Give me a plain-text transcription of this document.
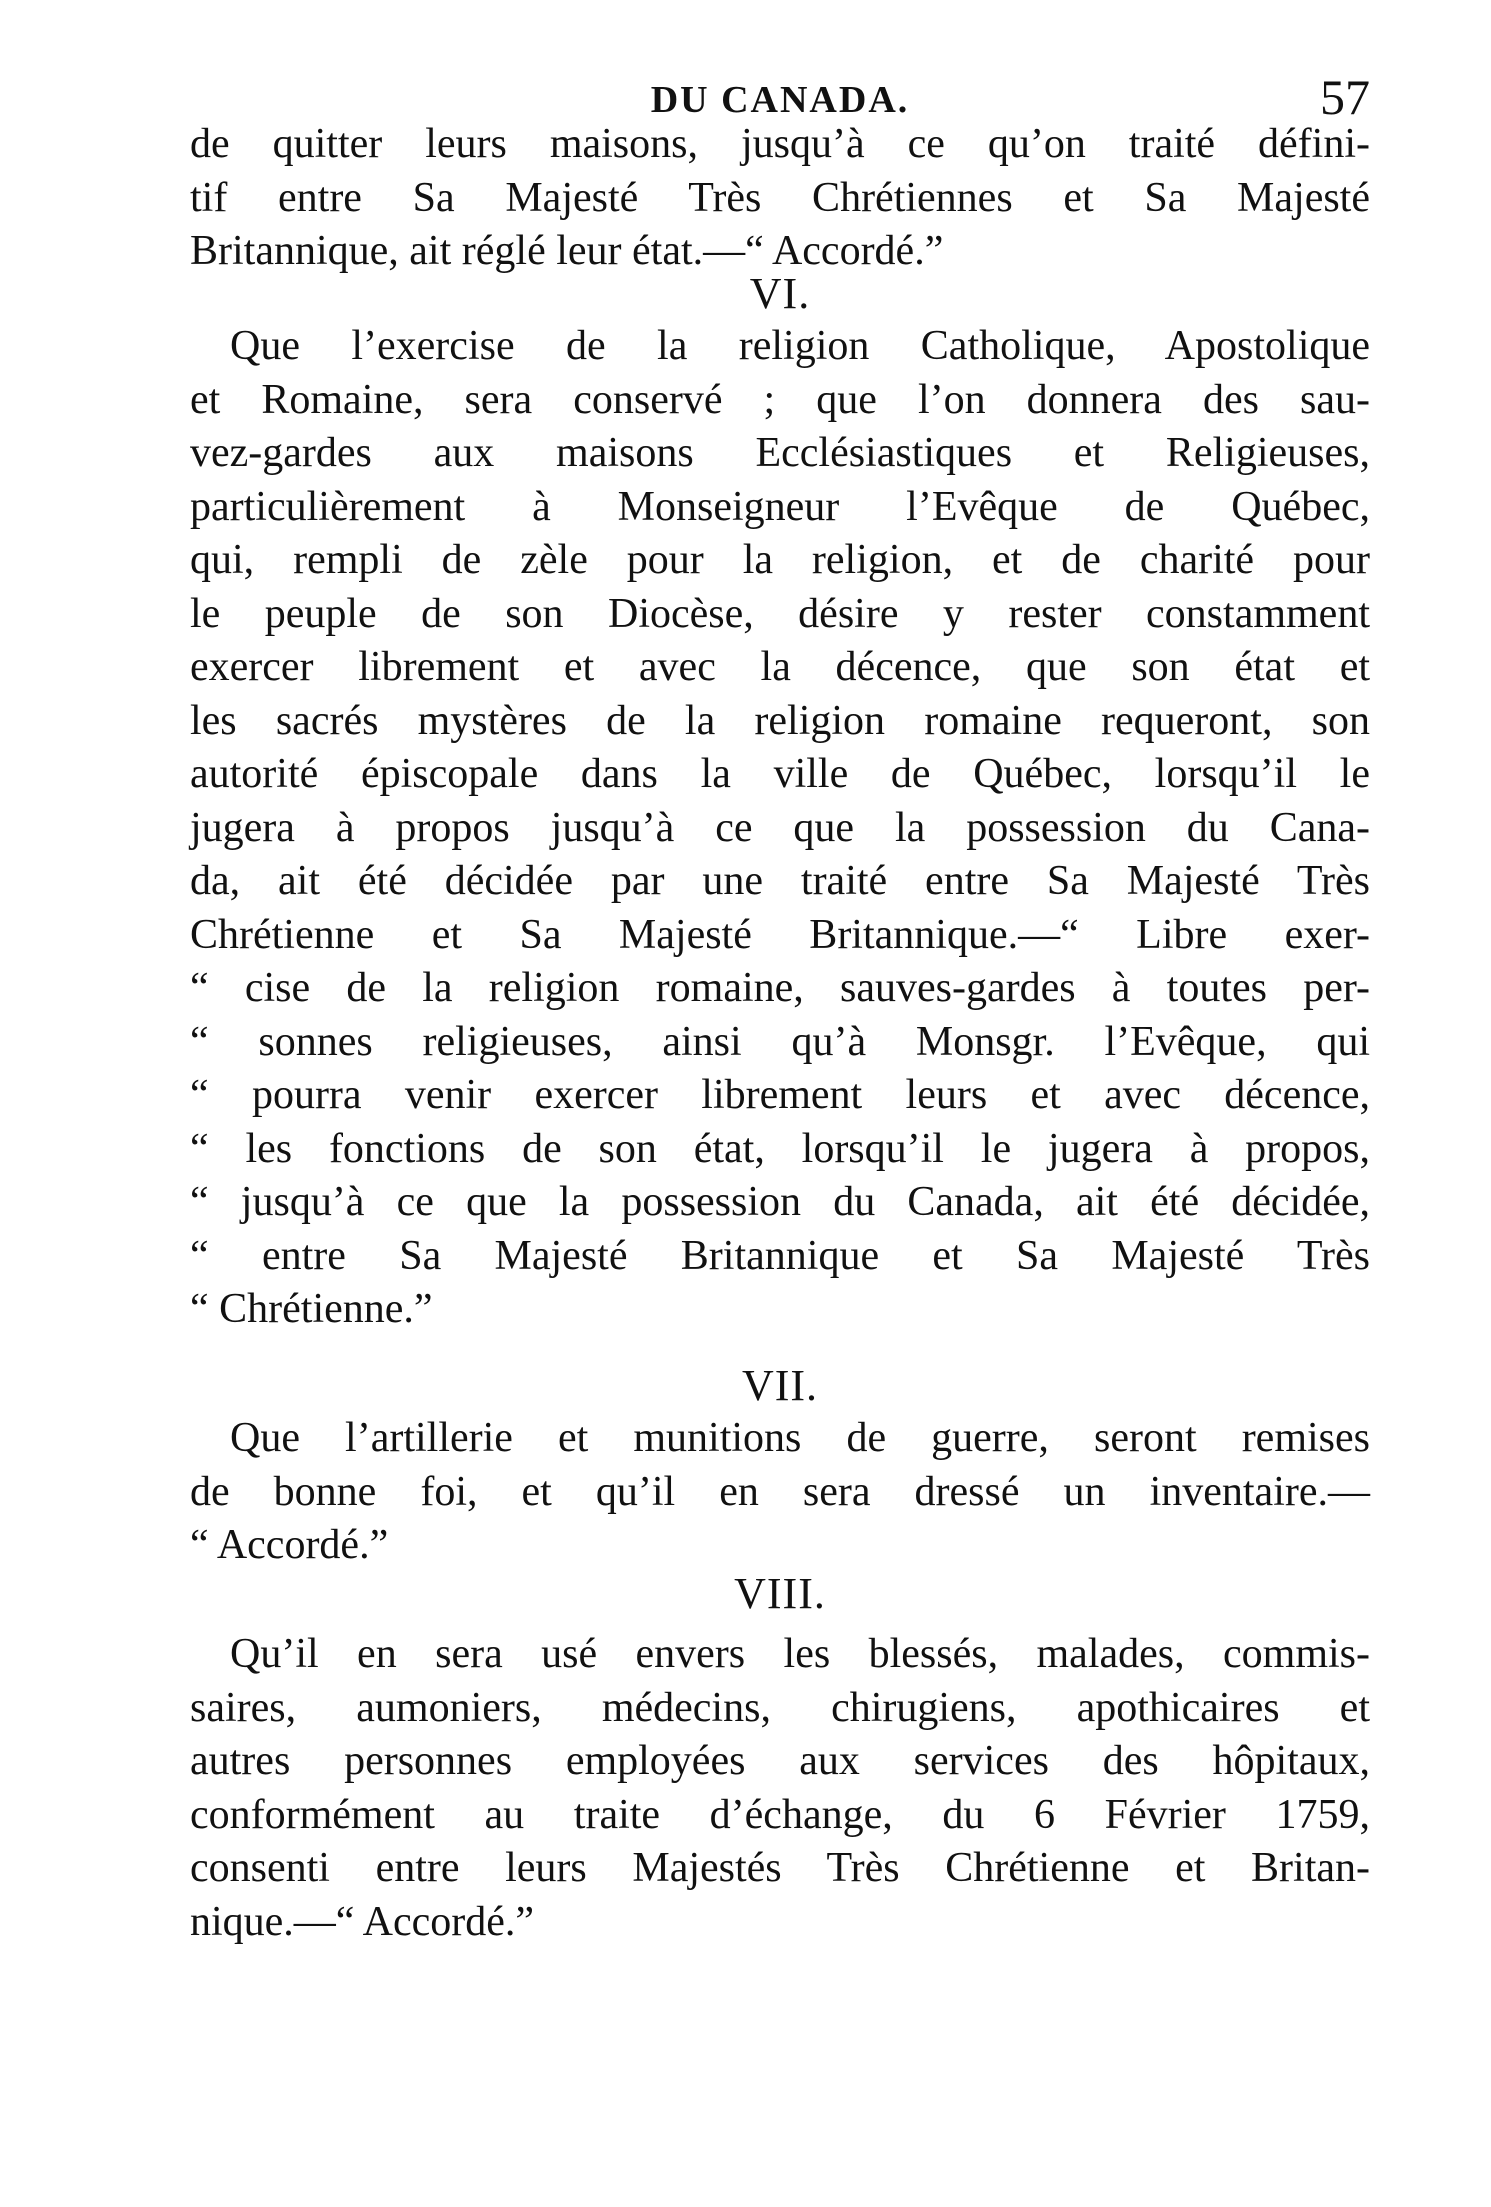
DU CANADA.	57
de quitter leurs maisons, jusqu’à ce qu’on traité défini-
tif entre Sa Majesté Très Chrétiennes et Sa Majesté
Britannique, ait réglé leur état.—“ Accordé.”
VI.
Que l’exercise de la religion Catholique, Apostolique
et Romaine, sera conservé ; que l’on donnera des sau-
vez-gardes aux maisons Ecclésiastiques et Religieuses,
particulièrement à Monseigneur l’Evêque de Québec,
qui, rempli de zèle pour la religion, et de charité pour
le peuple de son Diocèse, désire y rester constamment
exercer librement et avec la décence, que son état et
les sacrés mystères de la religion romaine requeront, son
autorité épiscopale dans la ville de Québec, lorsqu’il le
jugera à propos jusqu’à ce que la possession du Cana-
da, ait été décidée par une traité entre Sa Majesté Très
Chrétienne et Sa Majesté Britannique.—“ Libre exer-
“ cise de la religion romaine, sauves-gardes à toutes per-
“ sonnes religieuses, ainsi qu’à Monsgr. l’Evêque, qui
“ pourra venir exercer librement leurs et avec décence,
“ les fonctions de son état, lorsqu’il le jugera à propos,
“ jusqu’à ce que la possession du Canada, ait été décidée,
“ entre Sa Majesté Britannique et Sa Majesté Très
“ Chrétienne.”
VII.
Que l’artillerie et munitions de guerre, seront remises
de bonne foi, et qu’il en sera dressé un inventaire.—
“ Accordé.”
VIII.
Qu’il en sera usé envers les blessés, malades, commis-
saires, aumoniers, médecins, chirugiens, apothicaires et
autres personnes employées aux services des hôpitaux,
conformément au traite d’échange, du 6 Février 1759,
consenti entre leurs Majestés Très Chrétienne et Britan-
nique.—“ Accordé.”
